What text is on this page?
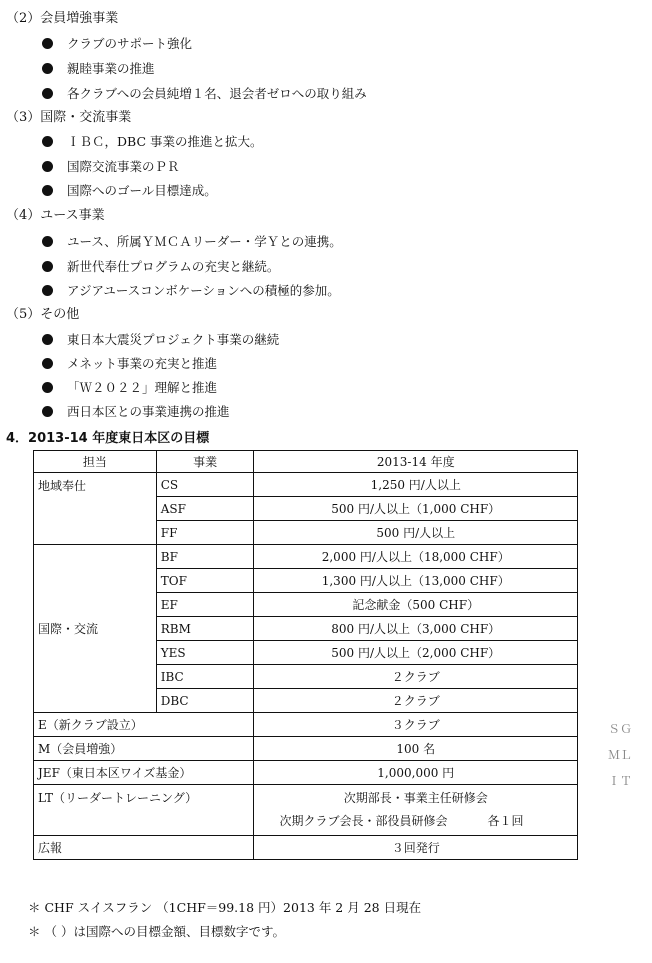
（2）会員増強事業
クラブのサポート強化
親睦事業の推進
各クラブへの会員純増１名、退会者ゼロへの取り組み
（3）国際・交流事業
ＩＢＣ，DBC 事業の推進と拡大。
国際交流事業のＰＲ
国際へのゴール目標達成。
（4）ユース事業
ユース、所属ＹＭＣＡリーダー・学Ｙとの連携。
新世代奉仕プログラムの充実と継続。
アジアユースコンボケーションへの積極的参加。
（5）その他
東日本大震災プロジェクト事業の継続
メネット事業の充実と推進
「Ｗ２０２２」理解と推進
西日本区との事業連携の推進
4．2013-14 年度東日本区の目標
担当	事業	2013-14 年度
地域奉仕	CS	1,250 円/人以上
	ASF	500 円/人以上（1,000 CHF）
	FF	500 円/人以上
国際・交流	BF	2,000 円/人以上（18,000 CHF）
	TOF	1,300 円/人以上（13,000 CHF）
	EF	記念献金（500 CHF）
	RBM	800 円/人以上（3,000 CHF）
	YES	500 円/人以上（2,000 CHF）
	IBC	２クラブ
	DBC	２クラブ
E（新クラブ設立）		３クラブ
M（会員増強）		100 名
JEF（東日本区ワイズ基金）		1,000,000 円
LT（リーダートレーニング）		次期部長・事業主任研修会
次期クラブ会長・部役員研修会 各１回

広報		３回発行
ＳＧ
ＭＬ
ＩＴ
＊ CHF スイスフラン （1CHF＝99.18 円）2013 年 2 月 28 日現在
＊ （ ）は国際への目標金額、目標数字です。
